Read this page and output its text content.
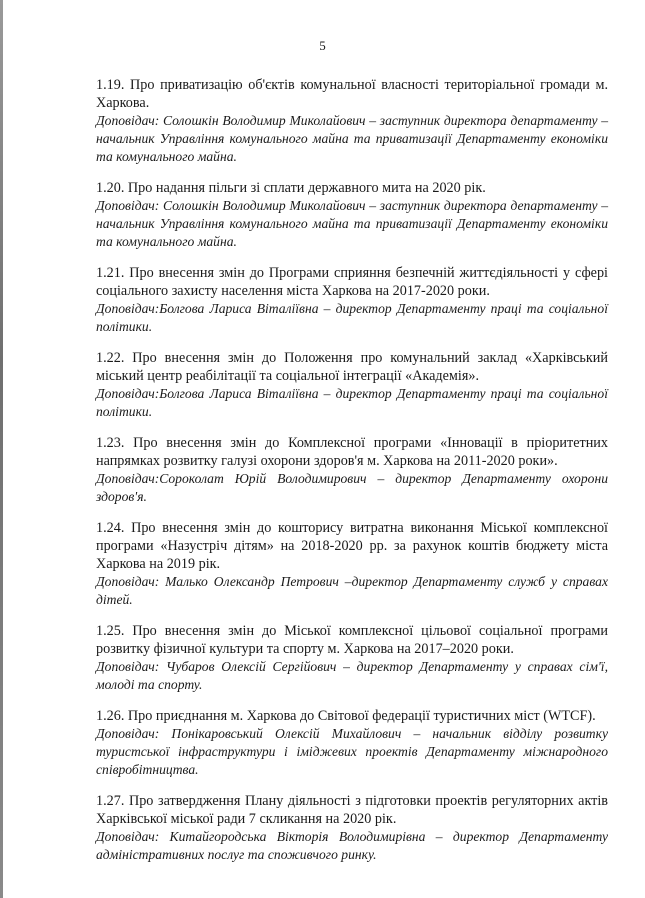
5
1.19. Про приватизацію об'єктів комунальної власності територіальної громади м. Харкова.
Доповідач: Солошкін Володимир Миколайович – заступник директора департаменту – начальник Управління комунального майна та приватизації Департаменту економіки та комунального майна.
1.20. Про надання пільги зі сплати державного мита на 2020 рік.
Доповідач: Солошкін Володимир Миколайович – заступник директора департаменту – начальник Управління комунального майна та приватизації Департаменту економіки та комунального майна.
1.21. Про внесення змін до Програми сприяння безпечній життєдіяльності у сфері соціального захисту населення міста Харкова на 2017-2020 роки.
Доповідач:Болгова Лариса Віталіївна – директор Департаменту праці та соціальної політики.
1.22. Про внесення змін до Положення про комунальний заклад «Харківський міський центр реабілітації та соціальної інтеграції «Академія».
Доповідач:Болгова Лариса Віталіївна – директор Департаменту праці та соціальної політики.
1.23. Про внесення змін до Комплексної програми «Інновації в пріоритетних напрямках розвитку галузі охорони здоров'я м. Харкова на 2011-2020 роки».
Доповідач:Сороколат Юрій Володимирович – директор Департаменту охорони здоров'я.
1.24. Про внесення змін до кошторису витратна виконання Міської комплексної програми «Назустріч дітям» на 2018-2020 рр. за рахунок коштів бюджету міста Харкова на 2019 рік.
Доповідач: Малько Олександр Петрович –директор Департаменту служб у справах дітей.
1.25. Про внесення змін до Міської комплексної цільової соціальної програми розвитку фізичної культури та спорту м. Харкова на 2017–2020 роки.
Доповідач: Чубаров Олексій Сергійович – директор Департаменту у справах сім'ї, молоді та спорту.
1.26. Про приєднання м. Харкова до Світової федерації туристичних міст (WTCF).
Доповідач: Понікаровський Олексій Михайлович – начальник відділу розвитку туристської інфраструктури і іміджевих проектів Департаменту міжнародного співробітництва.
1.27. Про затвердження Плану діяльності з підготовки проектів регуляторних актів Харківської міської ради 7 скликання на 2020 рік.
Доповідач: Китайгородська Вікторія Володимирівна – директор Департаменту адміністративних послуг та споживчого ринку.
